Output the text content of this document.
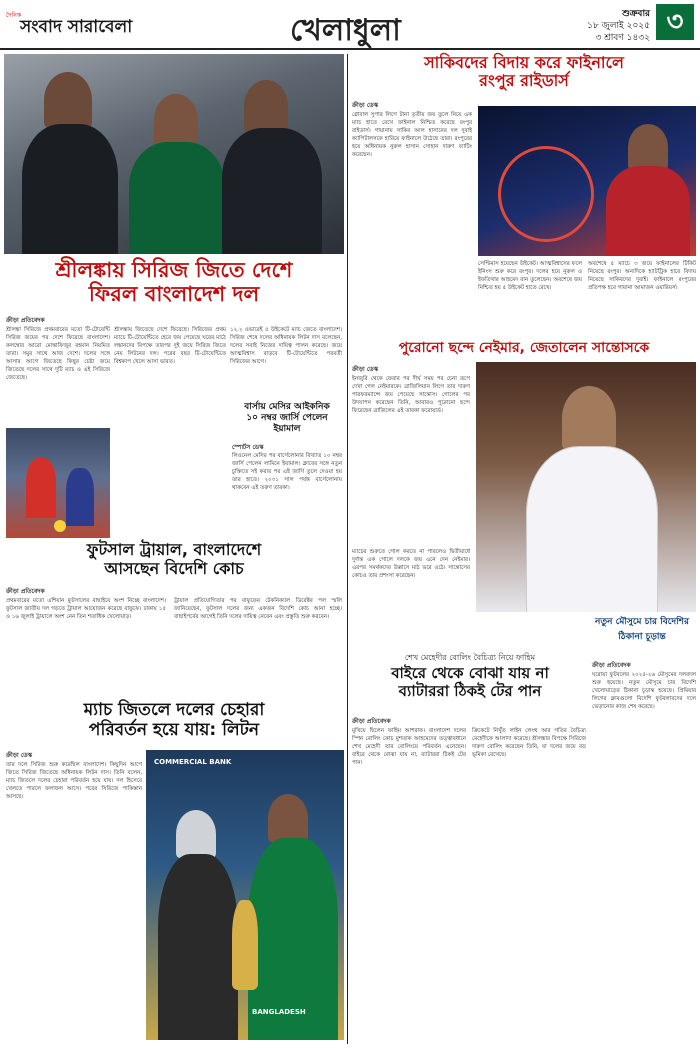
দৈনিক
সংবাদ সারাবেলা	খেলাধুলা	শুক্রবার
১৮ জুলাই ২০২৫
৩ শ্রাবণ ১৪৩২
৩
শ্রীলঙ্কায় সিরিজ জিতে দেশে
ফিরল বাংলাদেশ দল
ক্রীড়া প্রতিবেদক
শ্রীলঙ্কা সিরিজে প্রথমবারের মতো টি-টোয়েন্টি সিরিজ জয়ের পর দেশে ফিরেছে বাংলাদেশ। কলম্বোর আরো মোন্তাফিজুর রহমান নিয়মিত তারা। সমুর সাথে আজ দেশে। দলের সঙ্গে আসার আগে জিতেছে কিছুর চেষ্টা জয়ে জিতেছে দলের সাথে দুটি ম্যাচ ও এই সিরিজে জেতেছে।
শ্রীলঙ্কায় জিতেছে দেশে ফিরেছে। সিরিজের প্রথম ম্যাচে টি-টোয়েন্টিতে হেরে জয় পেয়েছে ঘরের মাঠে লঙ্কানদের বিপক্ষে তারপর দুই জয়ে সিরিজ জিতে নেয় লিটনের দল। পরের বছর টি-টোয়েন্টিতে বিশ্বকাপ খেলে আসা ভারত।
১২.২ ওভারেই ৫ উইকেটে ম্যাচ জেতে বাংলাদেশ। সিরিজ শেষে দলের অধিনায়ক লিটন দাস বলেছেন, দলের সবাই নিজের দায়িত্ব পালন করেছে। জয়ে আত্মবিশ্বাস বাড়বে টি-টোয়েন্টিতে পরবর্তী সিরিজের আগে।
বার্সায় মেসির আইকনিক
১০ নম্বর জার্সি পেলেন
ইয়ামাল
স্পোর্টস ডেস্ক
লিওনেল মেসির পর বার্সেলোনার বিখ্যাত ১০ নম্বর জার্সি পেলেন লামিনে ইয়ামাল। ক্লাবের সঙ্গে নতুন চুক্তিতে সই করার পর এই জার্সি তুলে দেওয়া হয় তার হাতে। ২০৩১ সাল পর্যন্ত বার্সেলোনায় থাকবেন এই তরুণ তারকা।
ফুটসাল ট্রায়াল, বাংলাদেশে
আসছেন বিদেশি কোচ
ক্রীড়া প্রতিবেদক
প্রথমবারের মতো এশিয়ান ফুটসালের বাছাইয়ে অংশ নিচ্ছে বাংলাদেশ। ফুটসাল জাতীয় দল গড়তে ট্রায়াল আয়োজন করেছে বাফুফে। ঢাকায় ১৫ ও ১৬ জুলাই ট্রায়ালে অংশ নেন তিন শতাধিক খেলোয়াড়।
ট্রায়াল প্রতিযোগিতার পর বাফুফের টেকনিক্যাল ডিরেক্টর পল স্মলি জানিয়েছেন, ফুটসাল দলের জন্য একজন বিদেশি কোচ আনা হচ্ছে। বাছাইপর্বের আগেই তিনি দলের দায়িত্ব নেবেন এবং প্রস্তুতি শুরু করবেন।
ম্যাচ জিতলে দলের চেহারা
পরিবর্তন হয়ে যায়: লিটন
ক্রীড়া ডেস্ক
তার দলে সিরিজ শুরু করেছিল বাংলাদেশ। কিছুদিন আগে জিতে সিরিজ জিতেছে অধিনায়ক লিটন দাস। তিনি বলেন, ম্যাচ জিতলে দলের চেহারা পরিবর্তন হয়ে যায়। দল হিসেবে খেলতে পারলে ফলাফল আসে। পরের সিরিজে পাকিস্তান আসছে।
COMMERCIAL BANK
BANGLADESH
সাকিবদের বিদায় করে ফাইনালে
রংপুর রাইডার্স
ক্রীড়া ডেস্ক
গ্লোবাল সুপার লিগে টানা তৃতীয় জয় তুলে নিয়ে এক ম্যাচ হাতে রেখে ফাইনাল নিশ্চিত করেছে রংপুর রাইডার্স। গায়ানায় সাকিব আল হাসানের দল দুবাই ক্যাপিটালসকে হারিয়ে ফাইনালে উঠেছে তারা। রংপুরের হয়ে অধিনায়ক নুরুল হাসান সোহান দারুণ ব্যাটিং করেছেন।
সেপ্টিমাস হয়েছেন উইকেট। আত্মবিশ্বাসের ফলে ইনিংস শুরু করে রংপুর। দলের হয়ে নুরুল ও ইফতিখার আহমেদ রান তুলেছেন। অবশেষে জয় নিশ্চিত হয় ৫ উইকেট হাতে রেখে।
অবশেষে ৫ ম্যাচে ৩ জয়ে ফাইনালের টিকিট নিয়েছে রংপুর। অন্যদিকে হ্যাটট্রিক হারে বিদায় নিয়েছে সাকিবদের দুবাই। ফাইনালে রংপুরের প্রতিপক্ষ হবে গায়ানা আমাজন ওয়ারিয়র্স।
পুরোনো ছন্দে নেইমার, জেতালেন সান্তোসকে
ক্রীড়া ডেস্ক
ইনজুরি থেকে ফেরার পর দীর্ঘ সময় পর চেনা রূপে দেখা গেল নেইমারকে। ব্রাজিলিয়ান লিগে তার দারুণ পারফরম্যান্সে জয় পেয়েছে সান্তোস। গোলের পর উদযাপন করেছেন তিনি, আবারও পুরোনো ছন্দে ফিরেছেন ব্রাজিলের এই তারকা ফরোয়ার্ড।
ম্যাচের শুরুতে গোল করতে না পারলেও দ্বিতীয়ার্ধে দুর্দান্ত এক গোলে দলকে জয় এনে দেন নেইমার। এরপর সমর্থকদের উল্লাসে মাঠ ভরে ওঠে। সান্তোসের কোচও তার প্রশংসা করেছেন।
নতুন মৌসুমে চার বিদেশির ঠিকানা চূড়ান্ত
শেখ মেহেদীর বোলিং বৈচিত্র্য নিয়ে ফাহিম
বাইরে থেকে বোঝা যায় না
ব্যাটাররা ঠিকই টের পান
ক্রীড়া প্রতিবেদক
মুখিয়ে ছিলেন ফাহিম আশরাফ। বাংলাদেশ দলের স্পিন বোলিং কোচ মুশতাক আহমেদের তত্ত্বাবধানে শেখ মেহেদী তার বোলিংয়ে পরিবর্তন এনেছেন। বাইরে থেকে বোঝা যায় না, ব্যাটাররা ঠিকই টের পান।
ক্রিকেটে নিখুঁত লাইন লেংথ আর গতির বৈচিত্র্য মেহেদীকে আলাদা করেছে। শ্রীলঙ্কার বিপক্ষে সিরিজে দারুণ বোলিং করেছেন তিনি, যা দলের জয়ে বড় ভূমিকা রেখেছে।
ক্রীড়া প্রতিবেদক
ঘরোয়া ফুটবলের ২০২৫-২৬ মৌসুমের দলবদল শুরু হয়েছে। নতুন মৌসুমে চার বিদেশি খেলোয়াড়ের ঠিকানা চূড়ান্ত হয়েছে। প্রিমিয়ার লিগের ক্লাবগুলো বিদেশি ফুটবলারদের দলে ভেড়ানোর কাজ শেষ করেছে।
